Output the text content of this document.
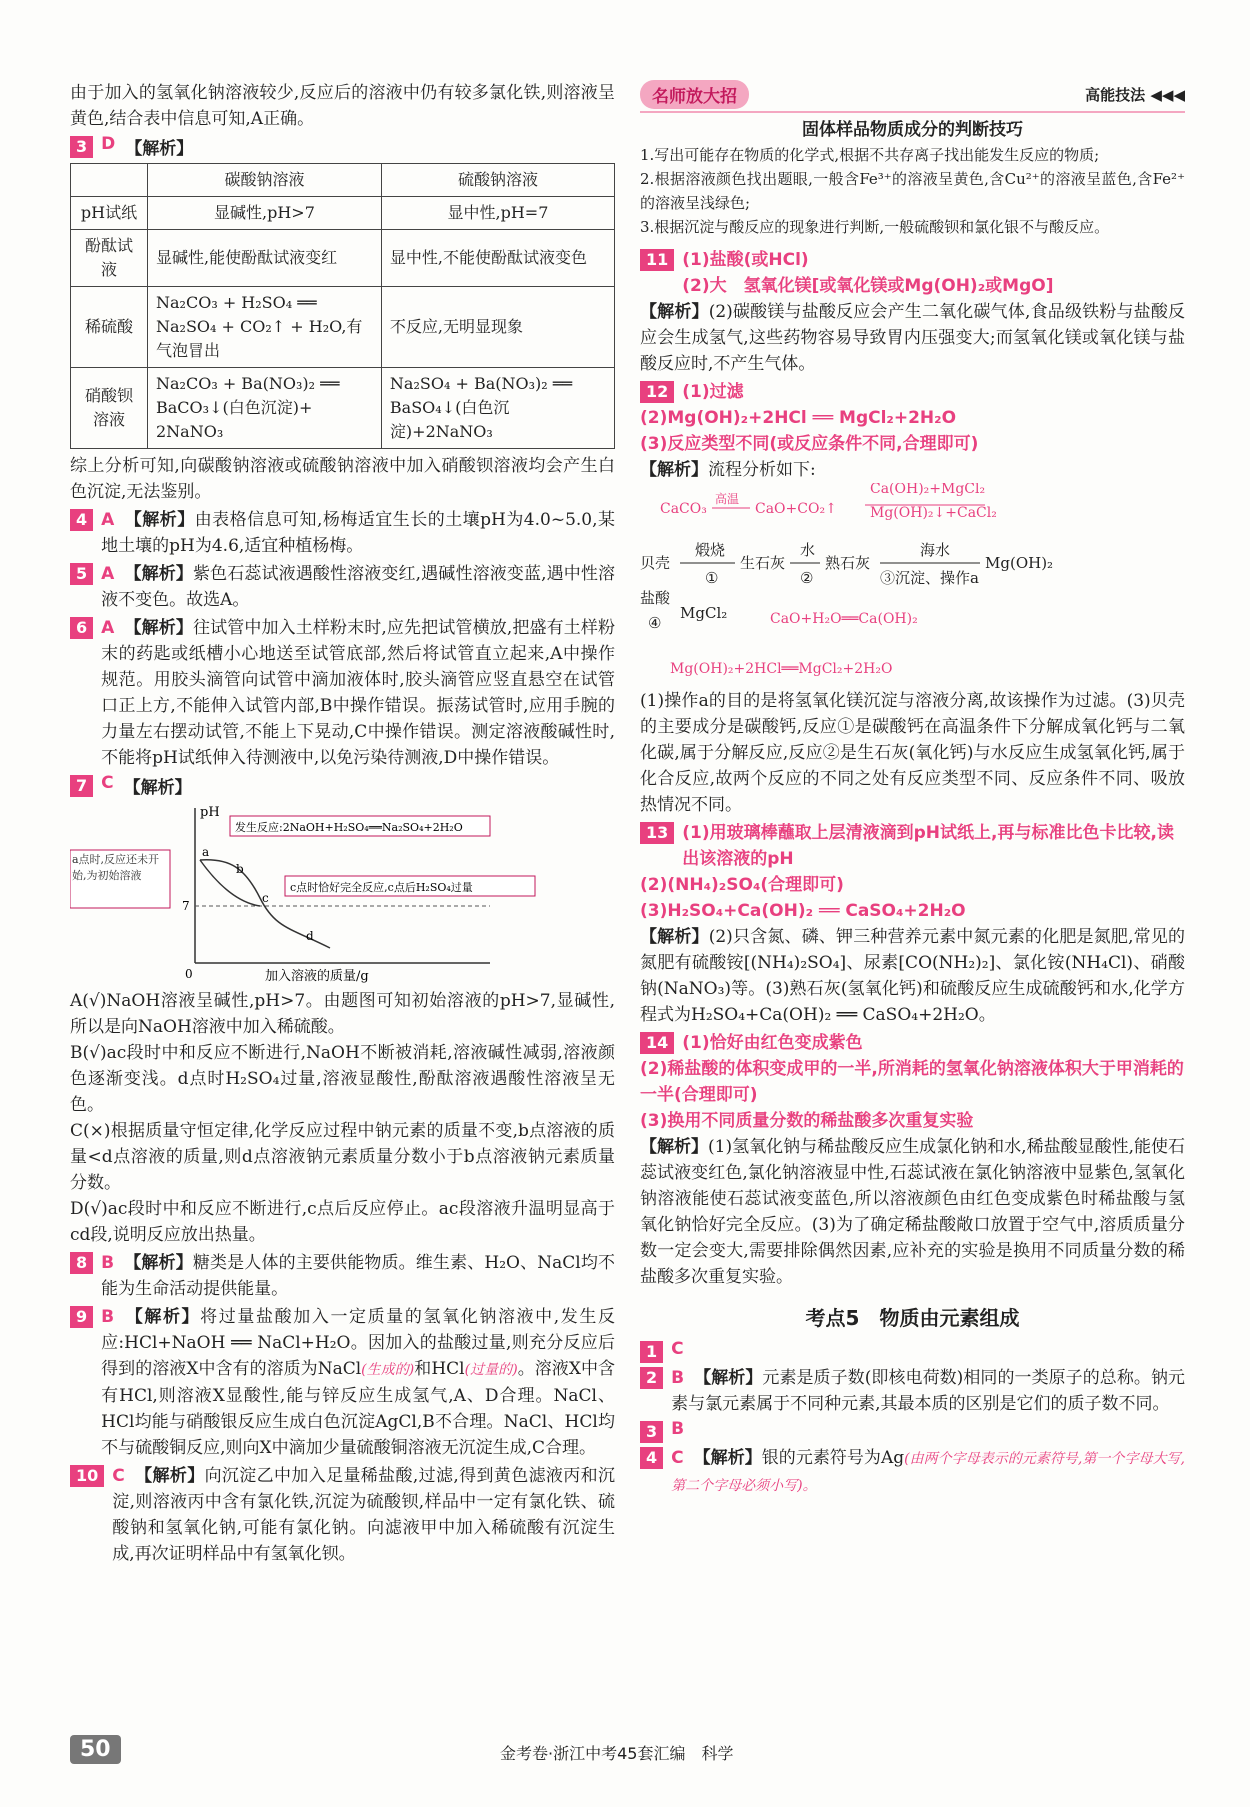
由于加入的氢氧化钠溶液较少,反应后的溶液中仍有较多氯化铁,则溶液呈黄色,结合表中信息可知,A正确。

3 D 【解析】
	碳酸钠溶液	硫酸钠溶液
pH试纸	显碱性,pH>7	显中性,pH=7
酚酞试液	显碱性,能使酚酞试液变红	显中性,不能使酚酞试液变色
稀硫酸	Na₂CO₃ + H₂SO₄ ══ Na₂SO₄ + CO₂↑ + H₂O,有气泡冒出	不反应,无明显现象
硝酸钡溶液	Na₂CO₃ + Ba(NO₃)₂ ══ BaCO₃↓(白色沉淀)+ 2NaNO₃	Na₂SO₄ + Ba(NO₃)₂ ══ BaSO₄↓(白色沉淀)+2NaNO₃

综上分析可知,向碳酸钠溶液或硫酸钠溶液中加入硝酸钡溶液均会产生白色沉淀,无法鉴别。

4 A 【解析】由表格信息可知,杨梅适宜生长的土壤pH为4.0~5.0,某地土壤的pH为4.6,适宜种植杨梅。

5 A 【解析】紫色石蕊试液遇酸性溶液变红,遇碱性溶液变蓝,遇中性溶液不变色。故选A。

6 A 【解析】往试管中加入土样粉末时,应先把试管横放,把盛有土样粉末的药匙或纸槽小心地送至试管底部,然后将试管直立起来,A中操作规范。用胶头滴管向试管中滴加液体时,胶头滴管应竖直悬空在试管口正上方,不能伸入试管内部,B中操作错误。振荡试管时,应用手腕的力量左右摆动试管,不能上下晃动,C中操作错误。测定溶液酸碱性时,不能将pH试纸伸入待测液中,以免污染待测液,D中操作错误。

7 C 【解析】
pH
0
7
a
b
c
d
a点时,反应还未开始,为初始溶液
发生反应:2NaOH+H₂SO₄══Na₂SO₄+2H₂O
c点时恰好完全反应,c点后H₂SO₄过量
加入溶液的质量/g

A(√)NaOH溶液呈碱性,pH>7。由题图可知初始溶液的pH>7,显碱性,所以是向NaOH溶液中加入稀硫酸。

B(√)ac段时中和反应不断进行,NaOH不断被消耗,溶液碱性减弱,溶液颜色逐渐变浅。d点时H₂SO₄过量,溶液显酸性,酚酞溶液遇酸性溶液呈无色。

C(×)根据质量守恒定律,化学反应过程中钠元素的质量不变,b点溶液的质量<d点溶液的质量,则d点溶液钠元素质量分数小于b点溶液钠元素质量分数。

D(√)ac段时中和反应不断进行,c点后反应停止。ac段溶液升温明显高于cd段,说明反应放出热量。

8 B 【解析】糖类是人体的主要供能物质。维生素、H₂O、NaCl均不能为生命活动提供能量。

9 B 【解析】将过量盐酸加入一定质量的氢氧化钠溶液中,发生反应:HCl+NaOH ══ NaCl+H₂O。因加入的盐酸过量,则充分反应后得到的溶液X中含有的溶质为NaCl(生成的)和HCl(过量的)。溶液X中含有HCl,则溶液X显酸性,能与锌反应生成氢气,A、D合理。NaCl、HCl均能与硝酸银反应生成白色沉淀AgCl,B不合理。NaCl、HCl均不与硫酸铜反应,则向X中滴加少量硫酸铜溶液无沉淀生成,C合理。

10 C 【解析】向沉淀乙中加入足量稀盐酸,过滤,得到黄色滤液丙和沉淀,则溶液丙中含有氯化铁,沉淀为硫酸钡,样品中一定有氯化铁、硫酸钠和氢氧化钠,可能有氯化钠。向滤液甲中加入稀硫酸有沉淀生成,再次证明样品中有氢氧化钡。

名师放大招	高能技法 ◀◀◀

固体样品物质成分的判断技巧

1.写出可能存在物质的化学式,根据不共存离子找出能发生反应的物质;

2.根据溶液颜色找出题眼,一般含Fe³⁺的溶液呈黄色,含Cu²⁺的溶液呈蓝色,含Fe²⁺的溶液呈浅绿色;

3.根据沉淀与酸反应的现象进行判断,一般硫酸钡和氯化银不与酸反应。

11 (1)盐酸(或HCl)
(2)大　氢氧化镁[或氧化镁或Mg(OH)₂或MgO]

【解析】(2)碳酸镁与盐酸反应会产生二氧化碳气体,食品级铁粉与盐酸反应会生成氢气,这些药物容易导致胃内压强变大;而氢氧化镁或氧化镁与盐酸反应时,不产生气体。

12 (1)过滤
(2)Mg(OH)₂+2HCl ══ MgCl₂+2H₂O
(3)反应类型不同(或反应条件不同,合理即可)

【解析】流程分析如下:

CaCO₃
高温
CaO+CO₂↑
Ca(OH)₂+MgCl₂
Mg(OH)₂↓+CaCl₂
CaO+H₂O══Ca(OH)₂
Mg(OH)₂+2HCl══MgCl₂+2H₂O
贝壳
煅烧
①
生石灰
水
②
熟石灰
海水
③沉淀、操作a
Mg(OH)₂
盐酸
④
MgCl₂

(1)操作a的目的是将氢氧化镁沉淀与溶液分离,故该操作为过滤。(3)贝壳的主要成分是碳酸钙,反应①是碳酸钙在高温条件下分解成氧化钙与二氧化碳,属于分解反应,反应②是生石灰(氧化钙)与水反应生成氢氧化钙,属于化合反应,故两个反应的不同之处有反应类型不同、反应条件不同、吸放热情况不同。

13 (1)用玻璃棒蘸取上层清液滴到pH试纸上,再与标准比色卡比较,读出该溶液的pH
(2)(NH₄)₂SO₄(合理即可)
(3)H₂SO₄+Ca(OH)₂ ══ CaSO₄+2H₂O

【解析】(2)只含氮、磷、钾三种营养元素中氮元素的化肥是氮肥,常见的氮肥有硫酸铵[(NH₄)₂SO₄]、尿素[CO(NH₂)₂]、氯化铵(NH₄Cl)、硝酸钠(NaNO₃)等。(3)熟石灰(氢氧化钙)和硫酸反应生成硫酸钙和水,化学方程式为H₂SO₄+Ca(OH)₂ ══ CaSO₄+2H₂O。

14 (1)恰好由红色变成紫色
(2)稀盐酸的体积变成甲的一半,所消耗的氢氧化钠溶液体积大于甲消耗的一半(合理即可)
(3)换用不同质量分数的稀盐酸多次重复实验

【解析】(1)氢氧化钠与稀盐酸反应生成氯化钠和水,稀盐酸显酸性,能使石蕊试液变红色,氯化钠溶液显中性,石蕊试液在氯化钠溶液中显紫色,氢氧化钠溶液能使石蕊试液变蓝色,所以溶液颜色由红色变成紫色时稀盐酸与氢氧化钠恰好完全反应。(3)为了确定稀盐酸敞口放置于空气中,溶质质量分数一定会变大,需要排除偶然因素,应补充的实验是换用不同质量分数的稀盐酸多次重复实验。

考点5　物质由元素组成
1 C
2 B 【解析】元素是质子数(即核电荷数)相同的一类原子的总称。钠元素与氯元素属于不同种元素,其最本质的区别是它们的质子数不同。

3 B
4 C 【解析】银的元素符号为Ag(由两个字母表示的元素符号,第一个字母大写,第二个字母必须小写)。

50	金考卷·浙江中考45套汇编　科学
